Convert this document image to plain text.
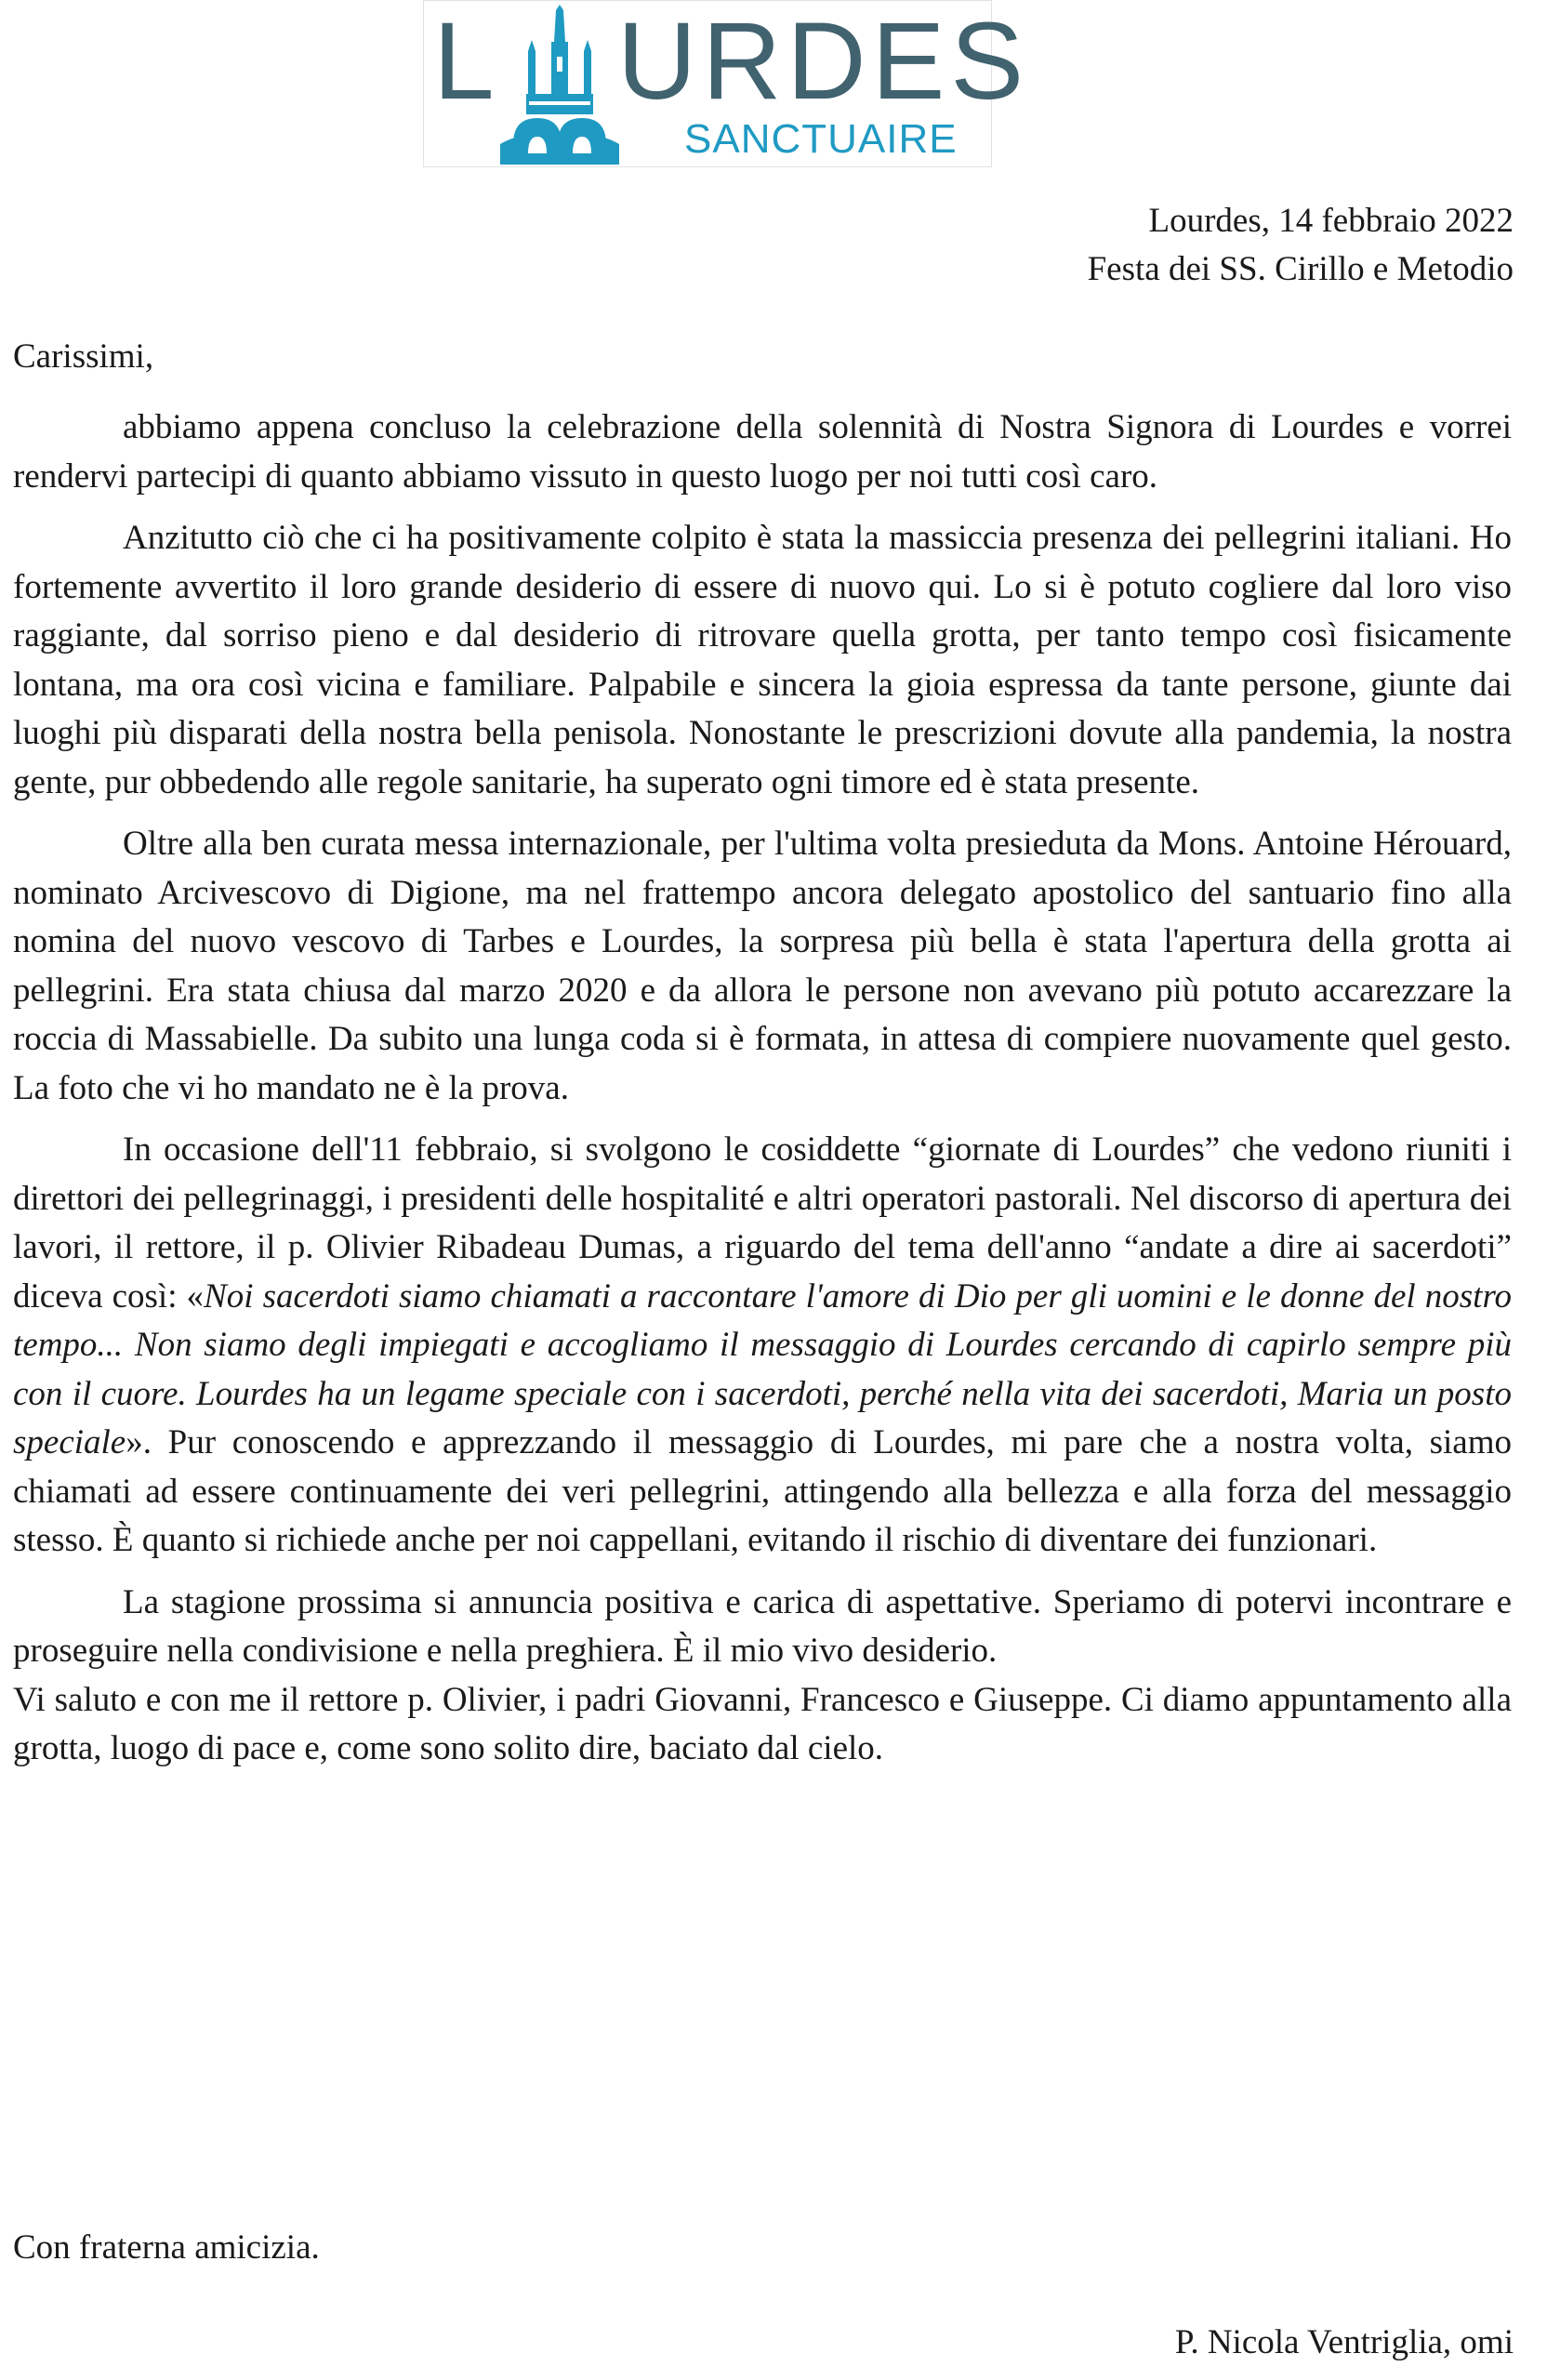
L URDES
SANCTUAIRE
Lourdes, 14 febbraio 2022
Festa dei SS. Cirillo e Metodio
Carissimi,

abbiamo appena concluso la celebrazione della solennità di Nostra Signora di Lourdes e vorrei rendervi partecipi di quanto abbiamo vissuto in questo luogo per noi tutti così caro.

Anzitutto ciò che ci ha positivamente colpito è stata la massiccia presenza dei pellegrini italiani. Ho fortemente avvertito il loro grande desiderio di essere di nuovo qui. Lo si è potuto cogliere dal loro viso raggiante, dal sorriso pieno e dal desiderio di ritrovare quella grotta, per tanto tempo così fisicamente lontana, ma ora così vicina e familiare. Palpabile e sincera la gioia espressa da tante persone, giunte dai luoghi più disparati della nostra bella penisola. Nonostante le prescrizioni dovute alla pandemia, la nostra gente, pur obbedendo alle regole sanitarie, ha superato ogni timore ed è stata presente.

Oltre alla ben curata messa internazionale, per l'ultima volta presieduta da Mons. Antoine Hérouard, nominato Arcivescovo di Digione, ma nel frattempo ancora delegato apostolico del santuario fino alla nomina del nuovo vescovo di Tarbes e Lourdes, la sorpresa più bella è stata l'apertura della grotta ai pellegrini. Era stata chiusa dal marzo 2020 e da allora le persone non avevano più potuto accarezzare la roccia di Massabielle. Da subito una lunga coda si è formata, in attesa di compiere nuovamente quel gesto. La foto che vi ho mandato ne è la prova.

In occasione dell'11 febbraio, si svolgono le cosiddette “giornate di Lourdes” che vedono riuniti i direttori dei pellegrinaggi, i presidenti delle hospitalité e altri operatori pastorali. Nel discorso di apertura dei lavori, il rettore, il p. Olivier Ribadeau Dumas, a riguardo del tema dell'anno “andate a dire ai sacerdoti” diceva così: «Noi sacerdoti siamo chiamati a raccontare l'amore di Dio per gli uomini e le donne del nostro tempo... Non siamo degli impiegati e accogliamo il messaggio di Lourdes cercando di capirlo sempre più con il cuore. Lourdes ha un legame speciale con i sacerdoti, perché nella vita dei sacerdoti, Maria un posto speciale». Pur conoscendo e apprezzando il messaggio di Lourdes, mi pare che a nostra volta, siamo chiamati ad essere continuamente dei veri pellegrini, attingendo alla bellezza e alla forza del messaggio stesso. È quanto si richiede anche per noi cappellani, evitando il rischio di diventare dei funzionari.

La stagione prossima si annuncia positiva e carica di aspettative. Speriamo di potervi incontrare e proseguire nella condivisione e nella preghiera. È il mio vivo desiderio.

Vi saluto e con me il rettore p. Olivier, i padri Giovanni, Francesco e Giuseppe. Ci diamo appuntamento alla grotta, luogo di pace e, come sono solito dire, baciato dal cielo.

Con fraterna amicizia.
P. Nicola Ventriglia, omi
